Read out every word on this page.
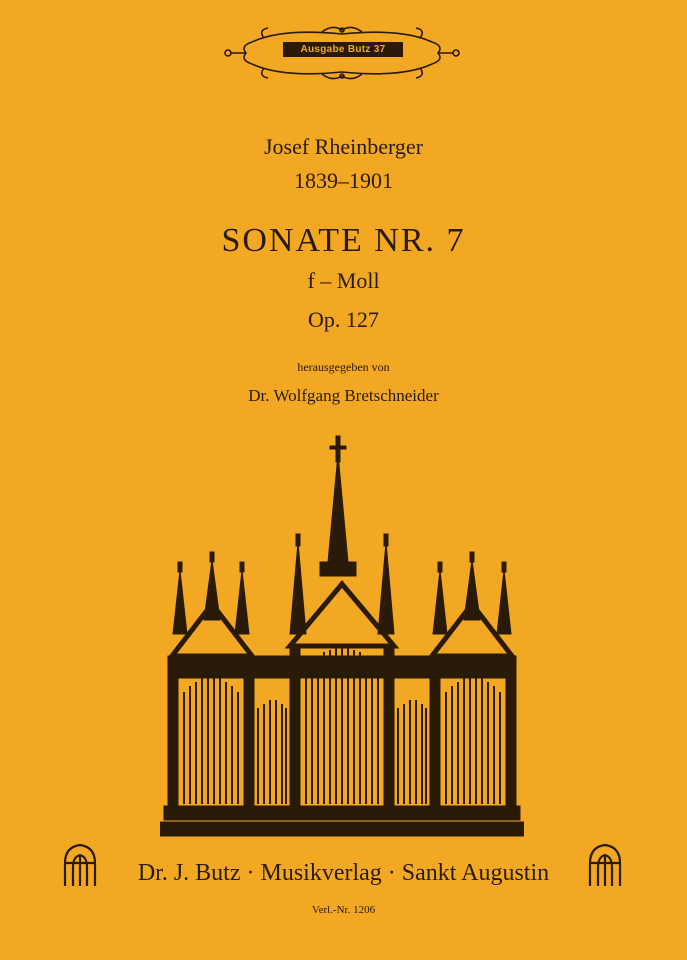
Ausgabe Butz 37
Josef Rheinberger
1839–1901
SONATE NR. 7
f – Moll
Op. 127
herausgegeben von
Dr. Wolfgang Bretschneider
Dr. J. Butz · Musikverlag · Sankt Augustin
Verl.-Nr. 1206
